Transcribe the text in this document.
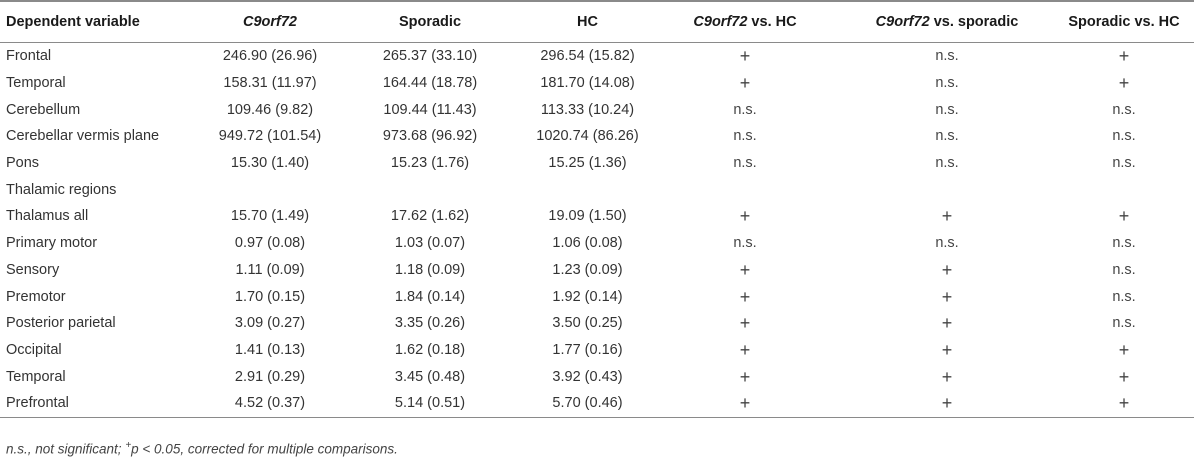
Dependent variable	C9orf72	Sporadic	HC	C9orf72 vs. HC	C9orf72 vs. sporadic	Sporadic vs. HC
Frontal	246.90 (26.96)	265.37 (33.10)	296.54 (15.82)	+	n.s.	+
Temporal	158.31 (11.97)	164.44 (18.78)	181.70 (14.08)	+	n.s.	+
Cerebellum	109.46 (9.82)	109.44 (11.43)	113.33 (10.24)	n.s.	n.s.	n.s.
Cerebellar vermis plane	949.72 (101.54)	973.68 (96.92)	1020.74 (86.26)	n.s.	n.s.	n.s.
Pons	15.30 (1.40)	15.23 (1.76)	15.25 (1.36)	n.s.	n.s.	n.s.
Thalamic regions						
Thalamus all	15.70 (1.49)	17.62 (1.62)	19.09 (1.50)	+	+	+
Primary motor	0.97 (0.08)	1.03 (0.07)	1.06 (0.08)	n.s.	n.s.	n.s.
Sensory	1.11 (0.09)	1.18 (0.09)	1.23 (0.09)	+	+	n.s.
Premotor	1.70 (0.15)	1.84 (0.14)	1.92 (0.14)	+	+	n.s.
Posterior parietal	3.09 (0.27)	3.35 (0.26)	3.50 (0.25)	+	+	n.s.
Occipital	1.41 (0.13)	1.62 (0.18)	1.77 (0.16)	+	+	+
Temporal	2.91 (0.29)	3.45 (0.48)	3.92 (0.43)	+	+	+
Prefrontal	4.52 (0.37)	5.14 (0.51)	5.70 (0.46)	+	+	+
n.s., not significant; +p < 0.05, corrected for multiple comparisons.
